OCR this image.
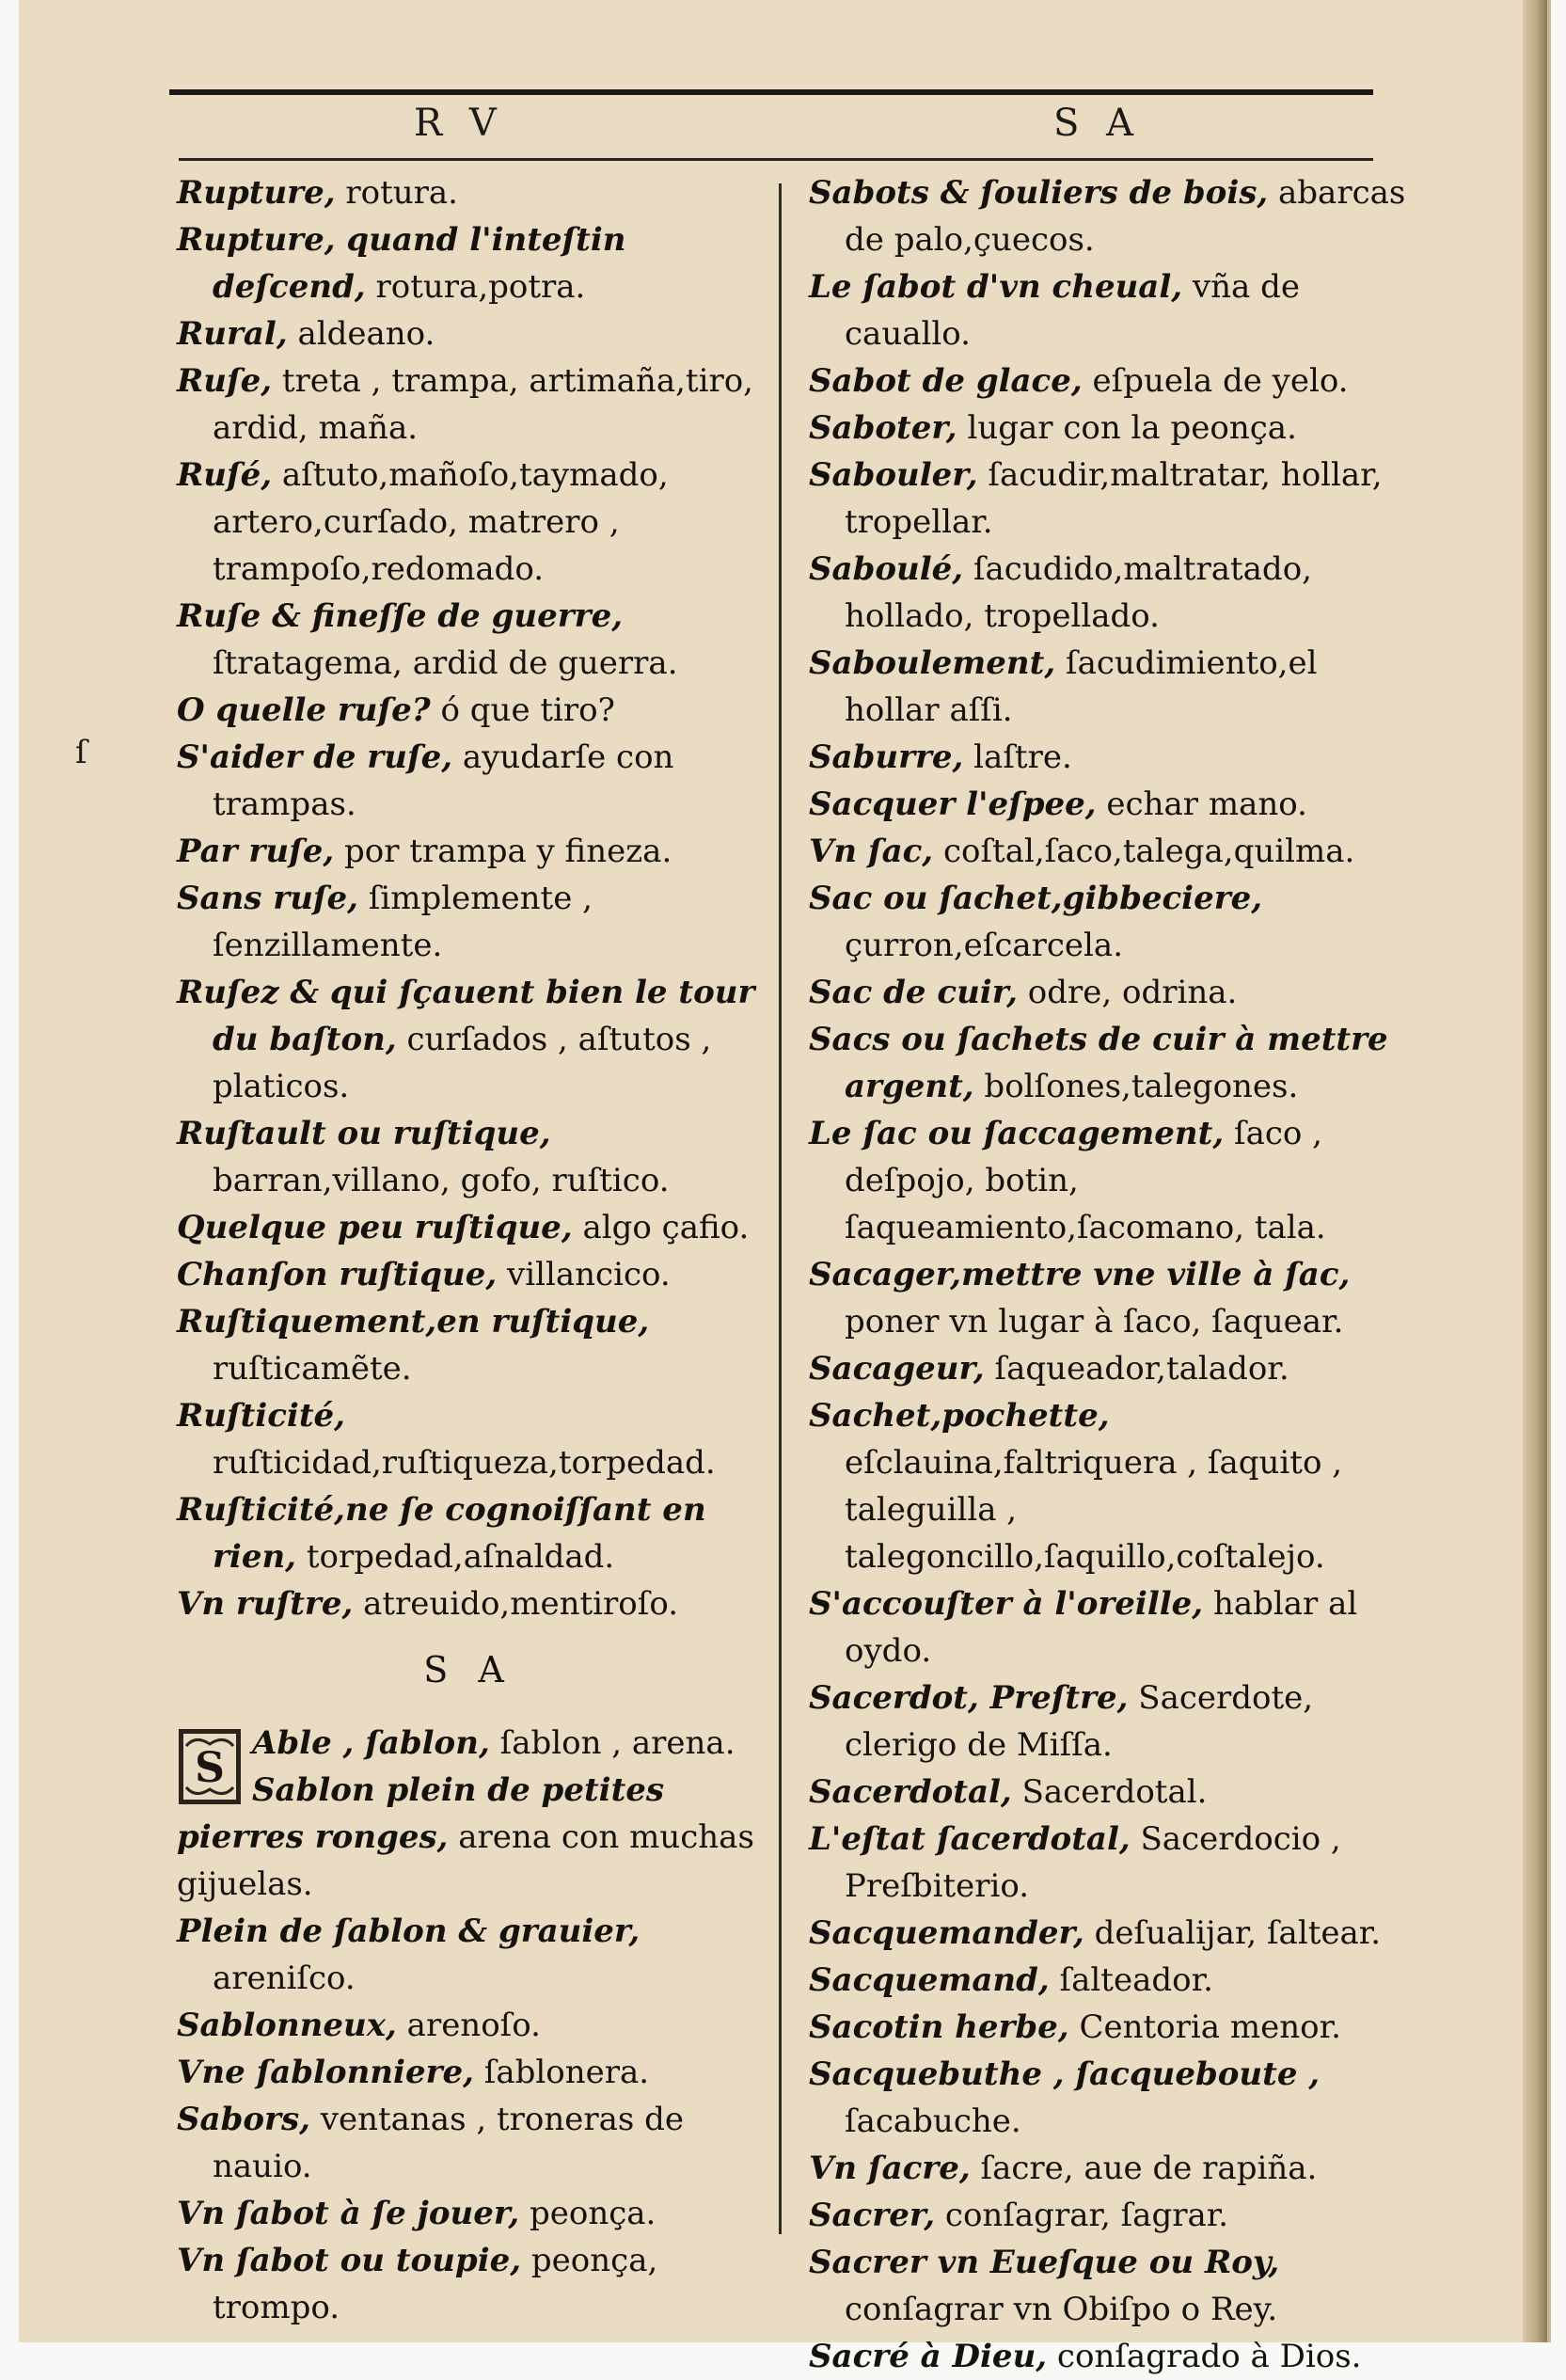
R V	S A
ſ

Rupture, rotura.

Rupture, quand l'inteſtin deſcend, rotura,potra.

Rural, aldeano.

Ruſe, treta , trampa, artimaña,tiro, ardid, maña.

Ruſé, aſtuto,mañoſo,taymado, artero,curſado, matrero , trampoſo,redomado.

Ruſe & fineſſe de guerre, ſtratagema, ardid de guerra.

O quelle ruſe? ó que tiro?

S'aider de ruſe, ayudarſe con trampas.

Par ruſe, por trampa y fineza.

Sans ruſe, ſimplemente , ſenzillamente.

Ruſez & qui ſçauent bien le tour du baſton, curſados , aſtutos , platicos.

Ruſtault ou ruſtique, barran,villano, gofo, ruſtico.

Quelque peu ruſtique, algo çafio.

Chanſon ruſtique, villancico.

Ruſtiquement,en ruſtique, ruſticamẽte.

Ruſticité, ruſticidad,ruſtiqueza,torpedad.

Ruſticité,ne ſe cognoiſſant en rien, torpedad,aſnaldad.

Vn ruſtre, atreuido,mentiroſo.

S A
S

Able , ſablon, ſablon , arena.

Sablon plein de petites pierres ronges, arena con muchas gijuelas.

Plein de ſablon & grauier, areniſco.

Sablonneux, arenoſo.

Vne ſablonniere, ſablonera.

Sabors, ventanas , troneras de nauio.

Vn ſabot à ſe jouer, peonça.

Vn ſabot ou toupie, peonça, trompo.

Sabots & ſouliers de bois, abarcas de palo,çuecos.

Le ſabot d'vn cheual, vña de cauallo.

Sabot de glace, eſpuela de yelo.

Saboter, lugar con la peonça.

Sabouler, ſacudir,maltratar, hollar, tropellar.

Saboulé, ſacudido,maltratado, hollado, tropellado.

Saboulement, ſacudimiento,el hollar aſſi.

Saburre, laſtre.

Sacquer l'eſpee, echar mano.

Vn ſac, coſtal,ſaco,talega,quilma.

Sac ou ſachet,gibbeciere, çurron,eſcarcela.

Sac de cuir, odre, odrina.

Sacs ou ſachets de cuir à mettre argent, bolſones,talegones.

Le ſac ou ſaccagement, ſaco , deſpojo, botin, ſaqueamiento,ſacomano, tala.

Sacager,mettre vne ville à ſac, poner vn lugar à ſaco, ſaquear.

Sacageur, ſaqueador,talador.

Sachet,pochette, eſclauina,faltriquera , ſaquito , taleguilla , talegoncillo,ſaquillo,coſtalejo.

S'accouſter à l'oreille, hablar al oydo.

Sacerdot, Preſtre, Sacerdote, clerigo de Miſſa.

Sacerdotal, Sacerdotal.

L'eſtat ſacerdotal, Sacerdocio , Preſbiterio.

Sacquemander, deſualijar, ſaltear.

Sacquemand, ſalteador.

Sacotin herbe, Centoria menor.

Sacquebuthe , ſacqueboute , ſacabuche.

Vn ſacre, ſacre, aue de rapiña.

Sacrer, conſagrar, ſagrar.

Sacrer vn Eueſque ou Roy, conſagrar vn Obiſpo o Rey.

Sacré à Dieu, conſagrado à Dios.
